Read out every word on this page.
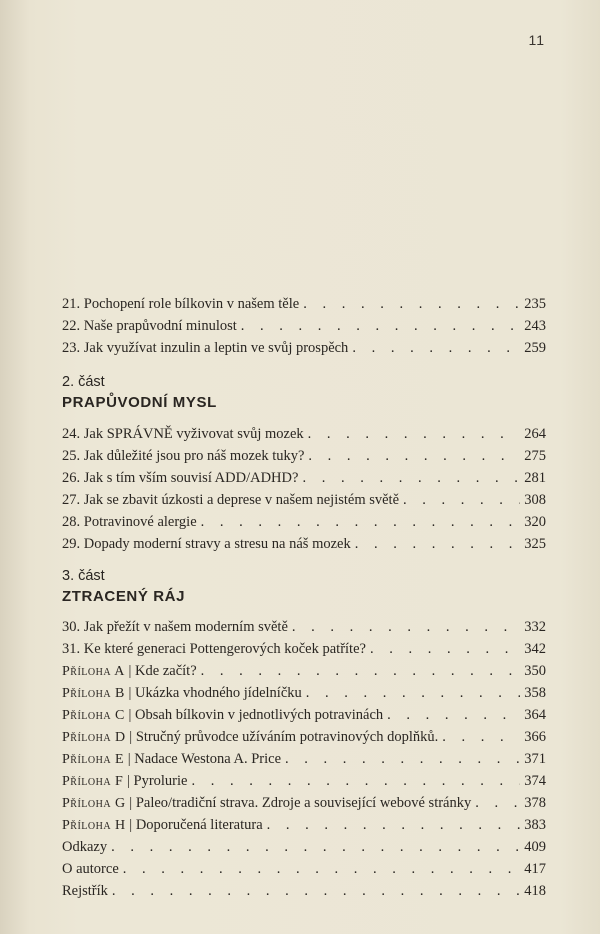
11
21. Pochopení role bílkovin v našem těle . . .	235
22. Naše prapůvodní minulost . . .	243
23. Jak využívat inzulin a leptin ve svůj prospěch . . .	259
2. část
PRAPŮVODNÍ MYSL
24. Jak SPRÁVNĚ vyživovat svůj mozek . . .	264
25. Jak důležité jsou pro náš mozek tuky? . . .	275
26. Jak s tím vším souvisí ADD/ADHD? . . .	281
27. Jak se zbavit úzkosti a deprese v našem nejistém světě . . .	308
28. Potravinové alergie . . .	320
29. Dopady moderní stravy a stresu na náš mozek . . .	325
3. část
ZTRACENÝ RÁJ
30. Jak přežít v našem moderním světě . . .	332
31. Ke které generaci Pottengerových koček patříte? . . .	342
Příloha A | Kde začít? . . .	350
Příloha B | Ukázka vhodného jídelníčku . . .	358
Příloha C | Obsah bílkovin v jednotlivých potravinách . . .	364
Příloha D | Stručný průvodce užíváním potravinových doplňků. . . .	366
Příloha E | Nadace Westona A. Price . . .	371
Příloha F | Pyrolurie . . .	374
Příloha G | Paleo/tradiční strava. Zdroje a související webové stránky . . .	378
Příloha H | Doporučená literatura . . .	383
Odkazy . . .	409
O autorce . . .	417
Rejstřík . . .	418
